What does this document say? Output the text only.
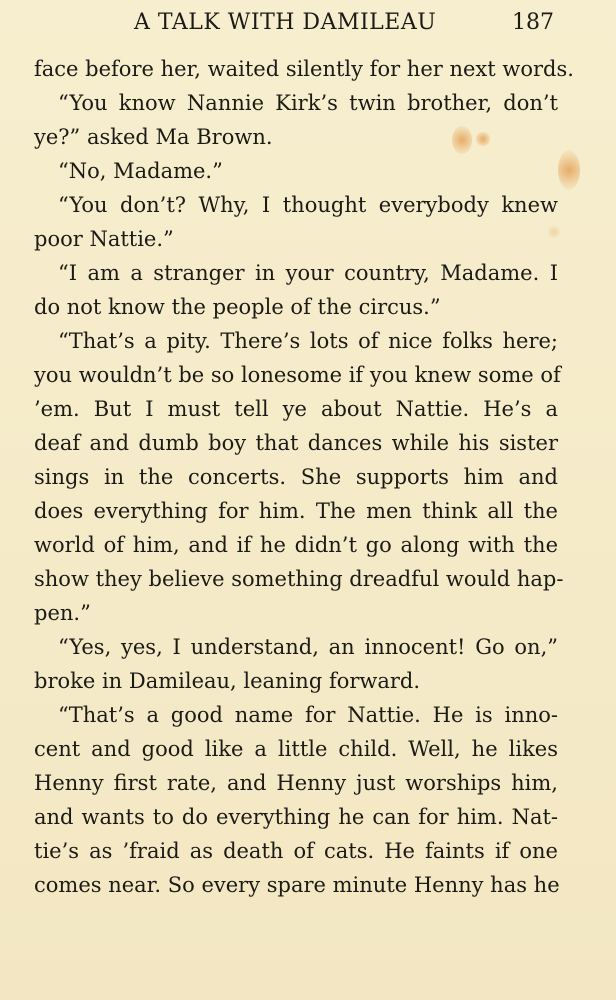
A TALK WITH DAMILEAU	187
face before her, waited silently for her next words.
“You know Nannie Kirk’s twin brother, don’t
ye?” asked Ma Brown.
“No, Madame.”
“You don’t? Why, I thought everybody knew
poor Nattie.”
“I am a stranger in your country, Madame. I
do not know the people of the circus.”
“That’s a pity. There’s lots of nice folks here;
you wouldn’t be so lonesome if you knew some of
’em. But I must tell ye about Nattie. He’s a
deaf and dumb boy that dances while his sister
sings in the concerts. She supports him and
does everything for him. The men think all the
world of him, and if he didn’t go along with the
show they believe something dreadful would hap-
pen.”
“Yes, yes, I understand, an innocent! Go on,”
broke in Damileau, leaning forward.
“That’s a good name for Nattie. He is inno-
cent and good like a little child. Well, he likes
Henny first rate, and Henny just worships him,
and wants to do everything he can for him. Nat-
tie’s as ’fraid as death of cats. He faints if one
comes near. So every spare minute Henny has he
